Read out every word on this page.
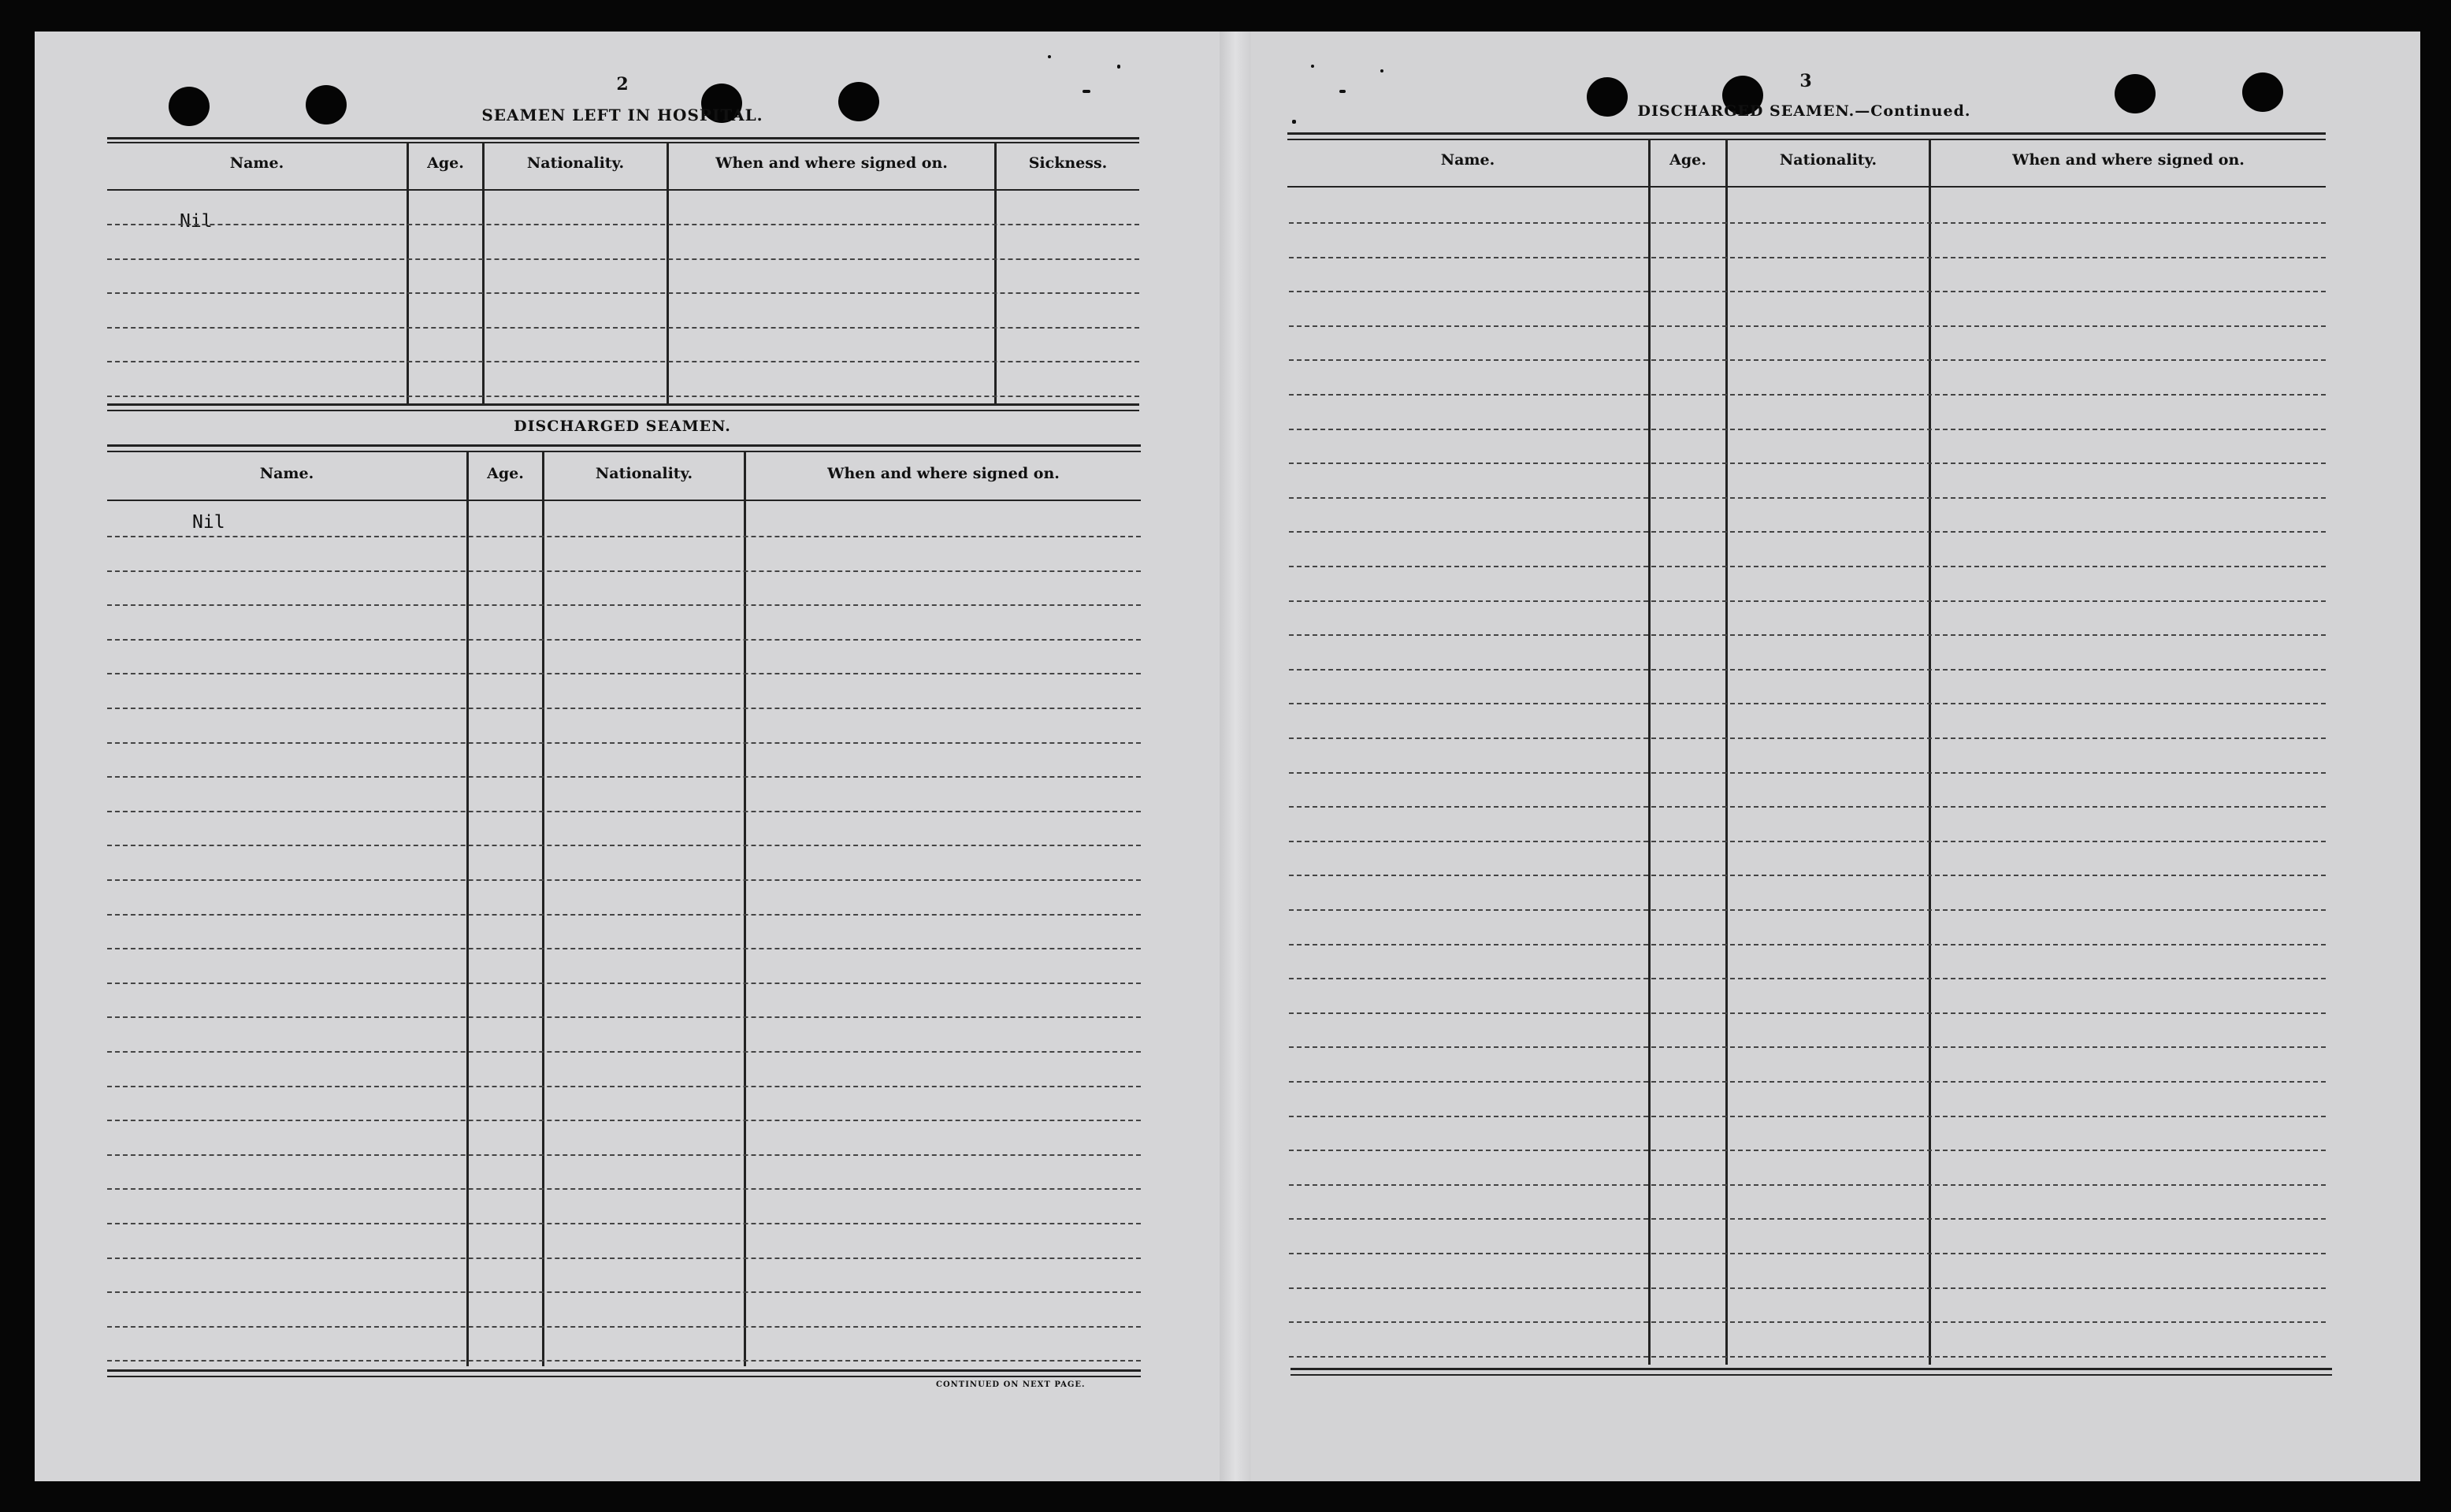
2
SEAMEN LEFT IN HOSPITAL.
Name.	Age.	Nationality.	When and where signed on.	Sickness.
Nil
DISCHARGED SEAMEN.
Name.	Age.	Nationality.	When and where signed on.
Nil
CONTINUED ON NEXT PAGE.
3
DISCHARGED SEAMEN.—Continued.
Name.	Age.	Nationality.	When and where signed on.
